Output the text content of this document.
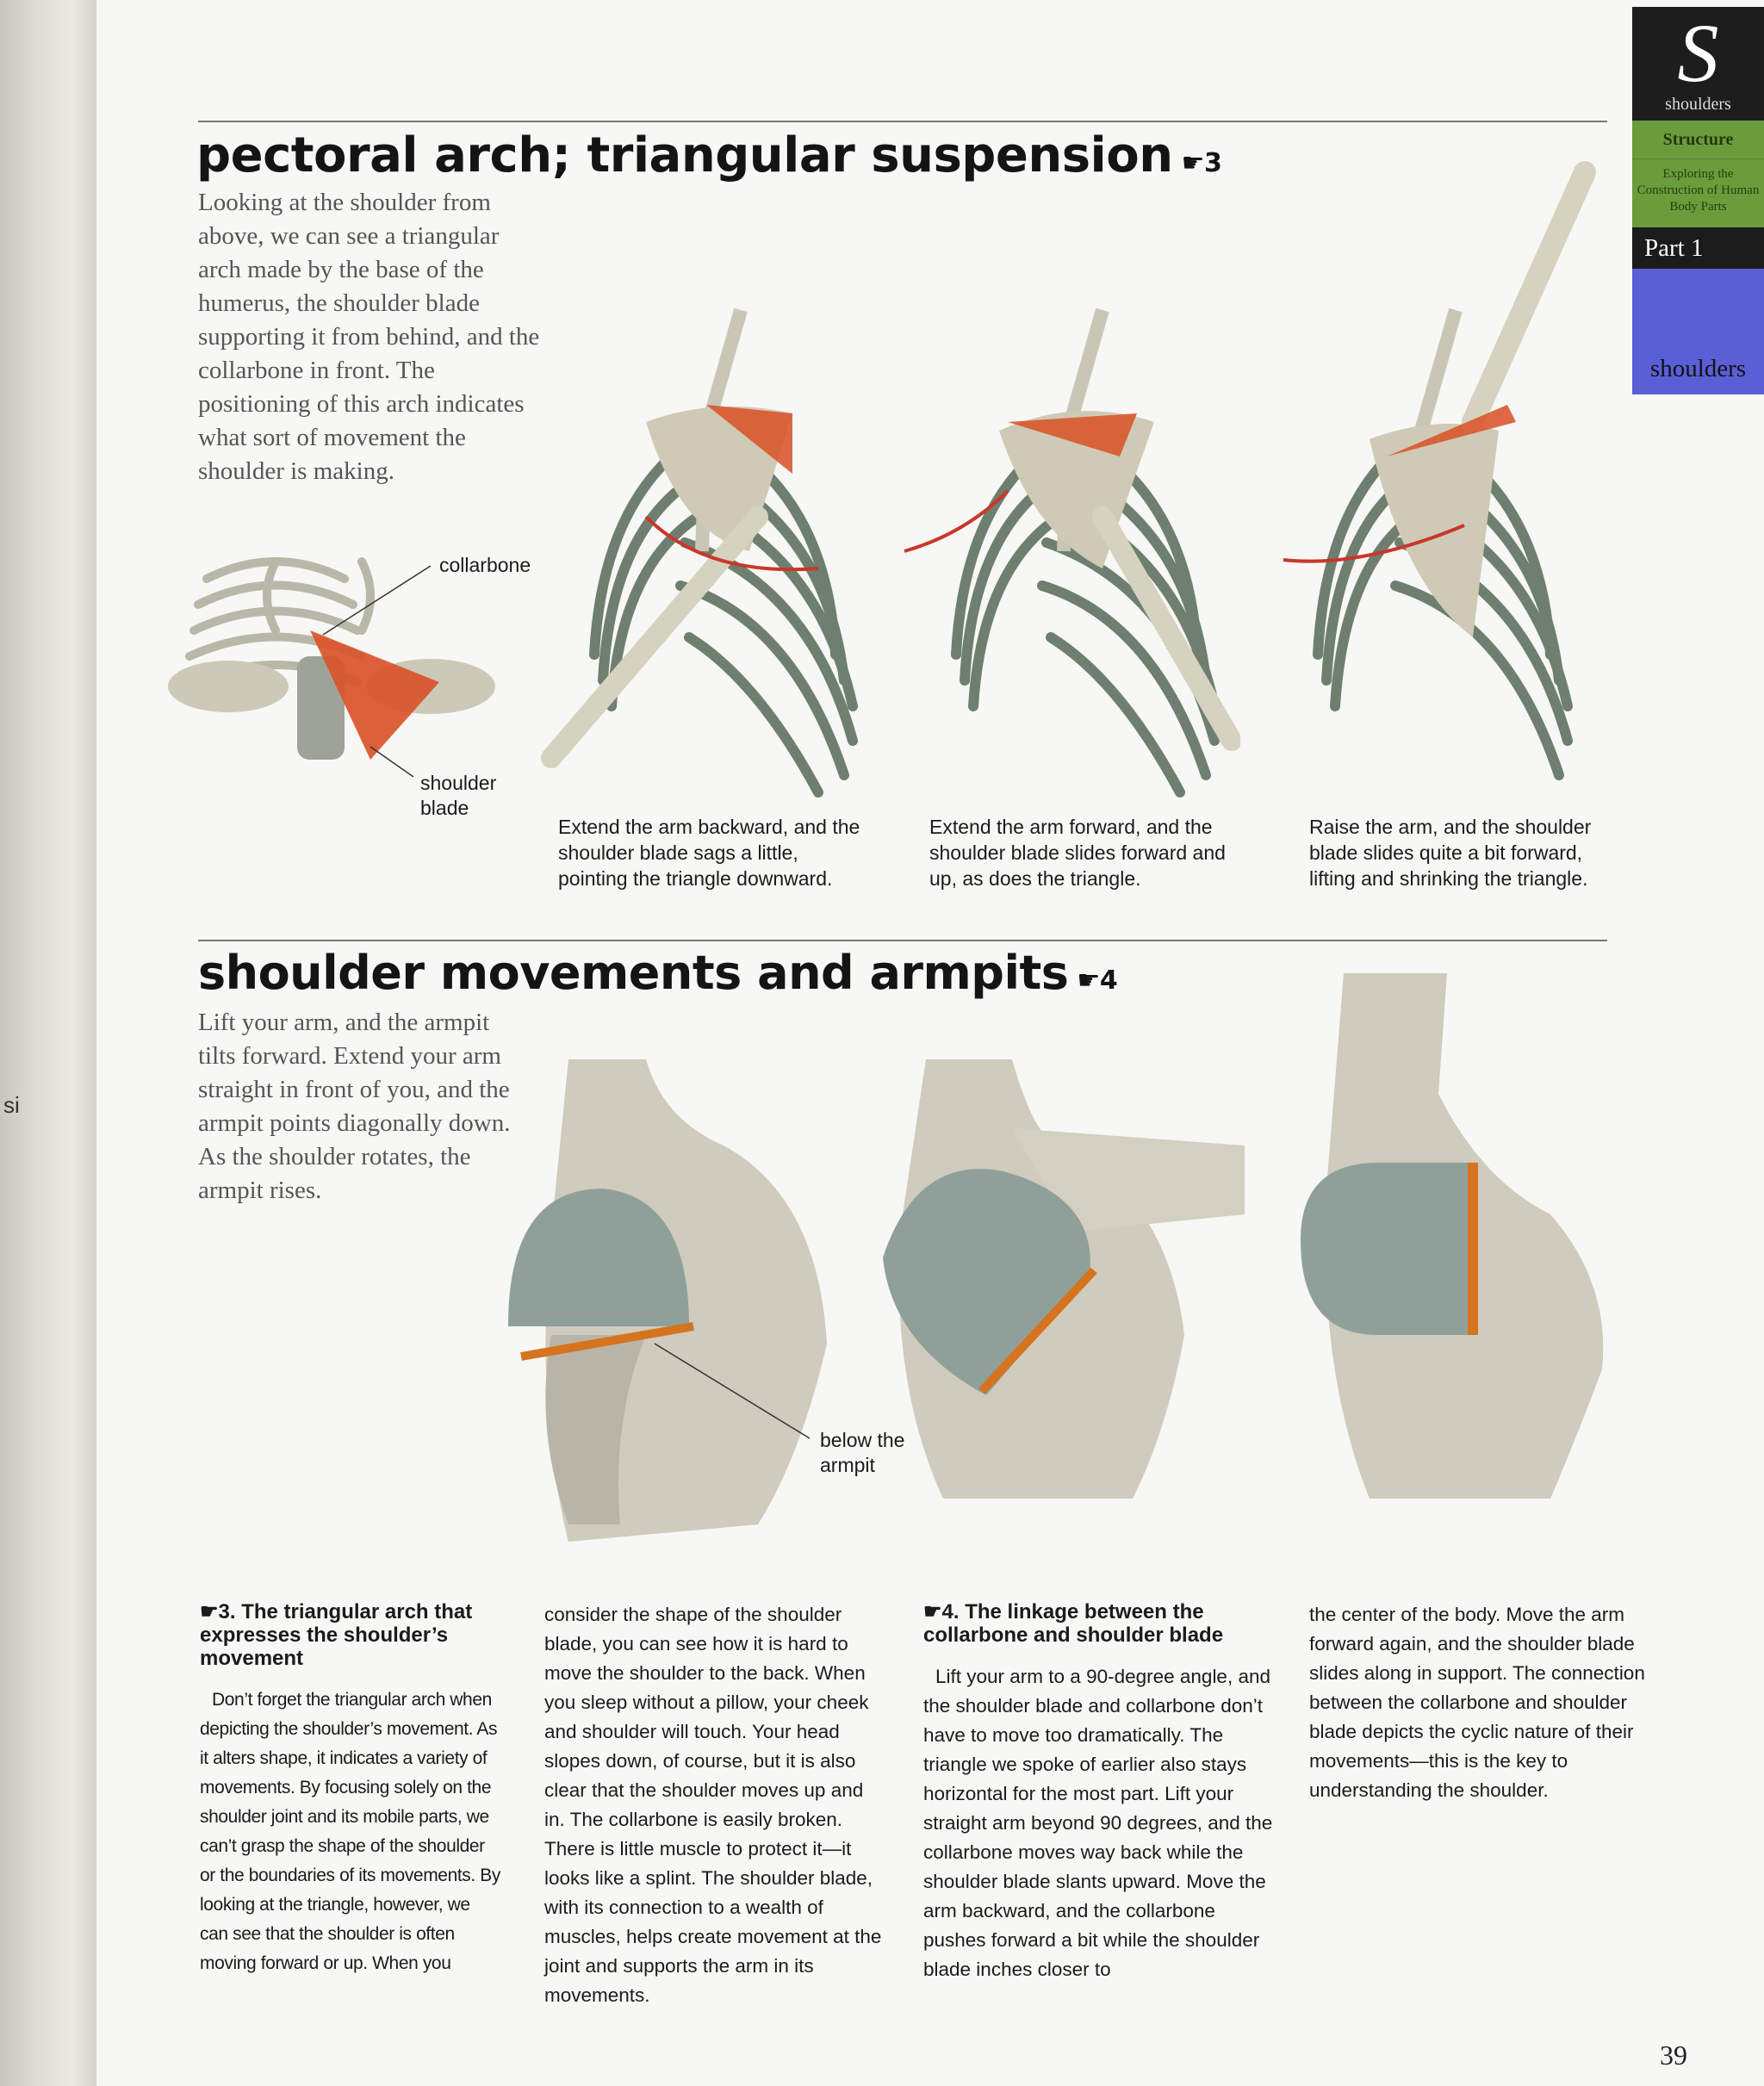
si
pectoral arch; triangular suspension ☛3
Looking at the shoulder from above, we can see a triangular arch made by the base of the humerus, the shoulder blade supporting it from behind, and the collarbone in front. The positioning of this arch indicates what sort of movement the shoulder is making.
collarbone
shoulder blade
Extend the arm backward, and the shoulder blade sags a little, pointing the triangle downward.
Extend the arm forward, and the shoulder blade slides forward and up, as does the triangle.
Raise the arm, and the shoulder blade slides quite a bit forward, lifting and shrinking the triangle.
shoulder movements and armpits ☛4
Lift your arm, and the armpit tilts forward. Extend your arm straight in front of you, and the armpit points diagonally down. As the shoulder rotates, the armpit rises.
below the armpit
☛3. The triangular arch that expresses the shoulder’s movement

Don’t forget the triangular arch when depicting the shoulder’s movement. As it alters shape, it indicates a variety of movements. By focusing solely on the shoulder joint and its mobile parts, we can’t grasp the shape of the shoulder or the boundaries of its movements. By looking at the triangle, however, we can see that the shoulder is often moving forward or up. When you

consider the shape of the shoulder blade, you can see how it is hard to move the shoulder to the back. When you sleep without a pillow, your cheek and shoulder will touch. Your head slopes down, of course, but it is also clear that the shoulder moves up and in. The collarbone is easily broken. There is little muscle to protect it—it looks like a splint. The shoulder blade, with its connection to a wealth of muscles, helps create movement at the joint and supports the arm in its movements.

☛4. The linkage between the collarbone and shoulder blade

Lift your arm to a 90-degree angle, and the shoulder blade and collarbone don’t have to move too dramatically. The triangle we spoke of earlier also stays horizontal for the most part. Lift your straight arm beyond 90 degrees, and the collarbone moves way back while the shoulder blade slants upward. Move the arm backward, and the collarbone pushes forward a bit while the shoulder blade inches closer to

the center of the body. Move the arm forward again, and the shoulder blade slides along in support. The connection between the collarbone and shoulder blade depicts the cyclic nature of their movements—this is the key to understanding the shoulder.

S
shoulders
Structure
Exploring the Construction of Human Body Parts
Part 1
shoulders
39
